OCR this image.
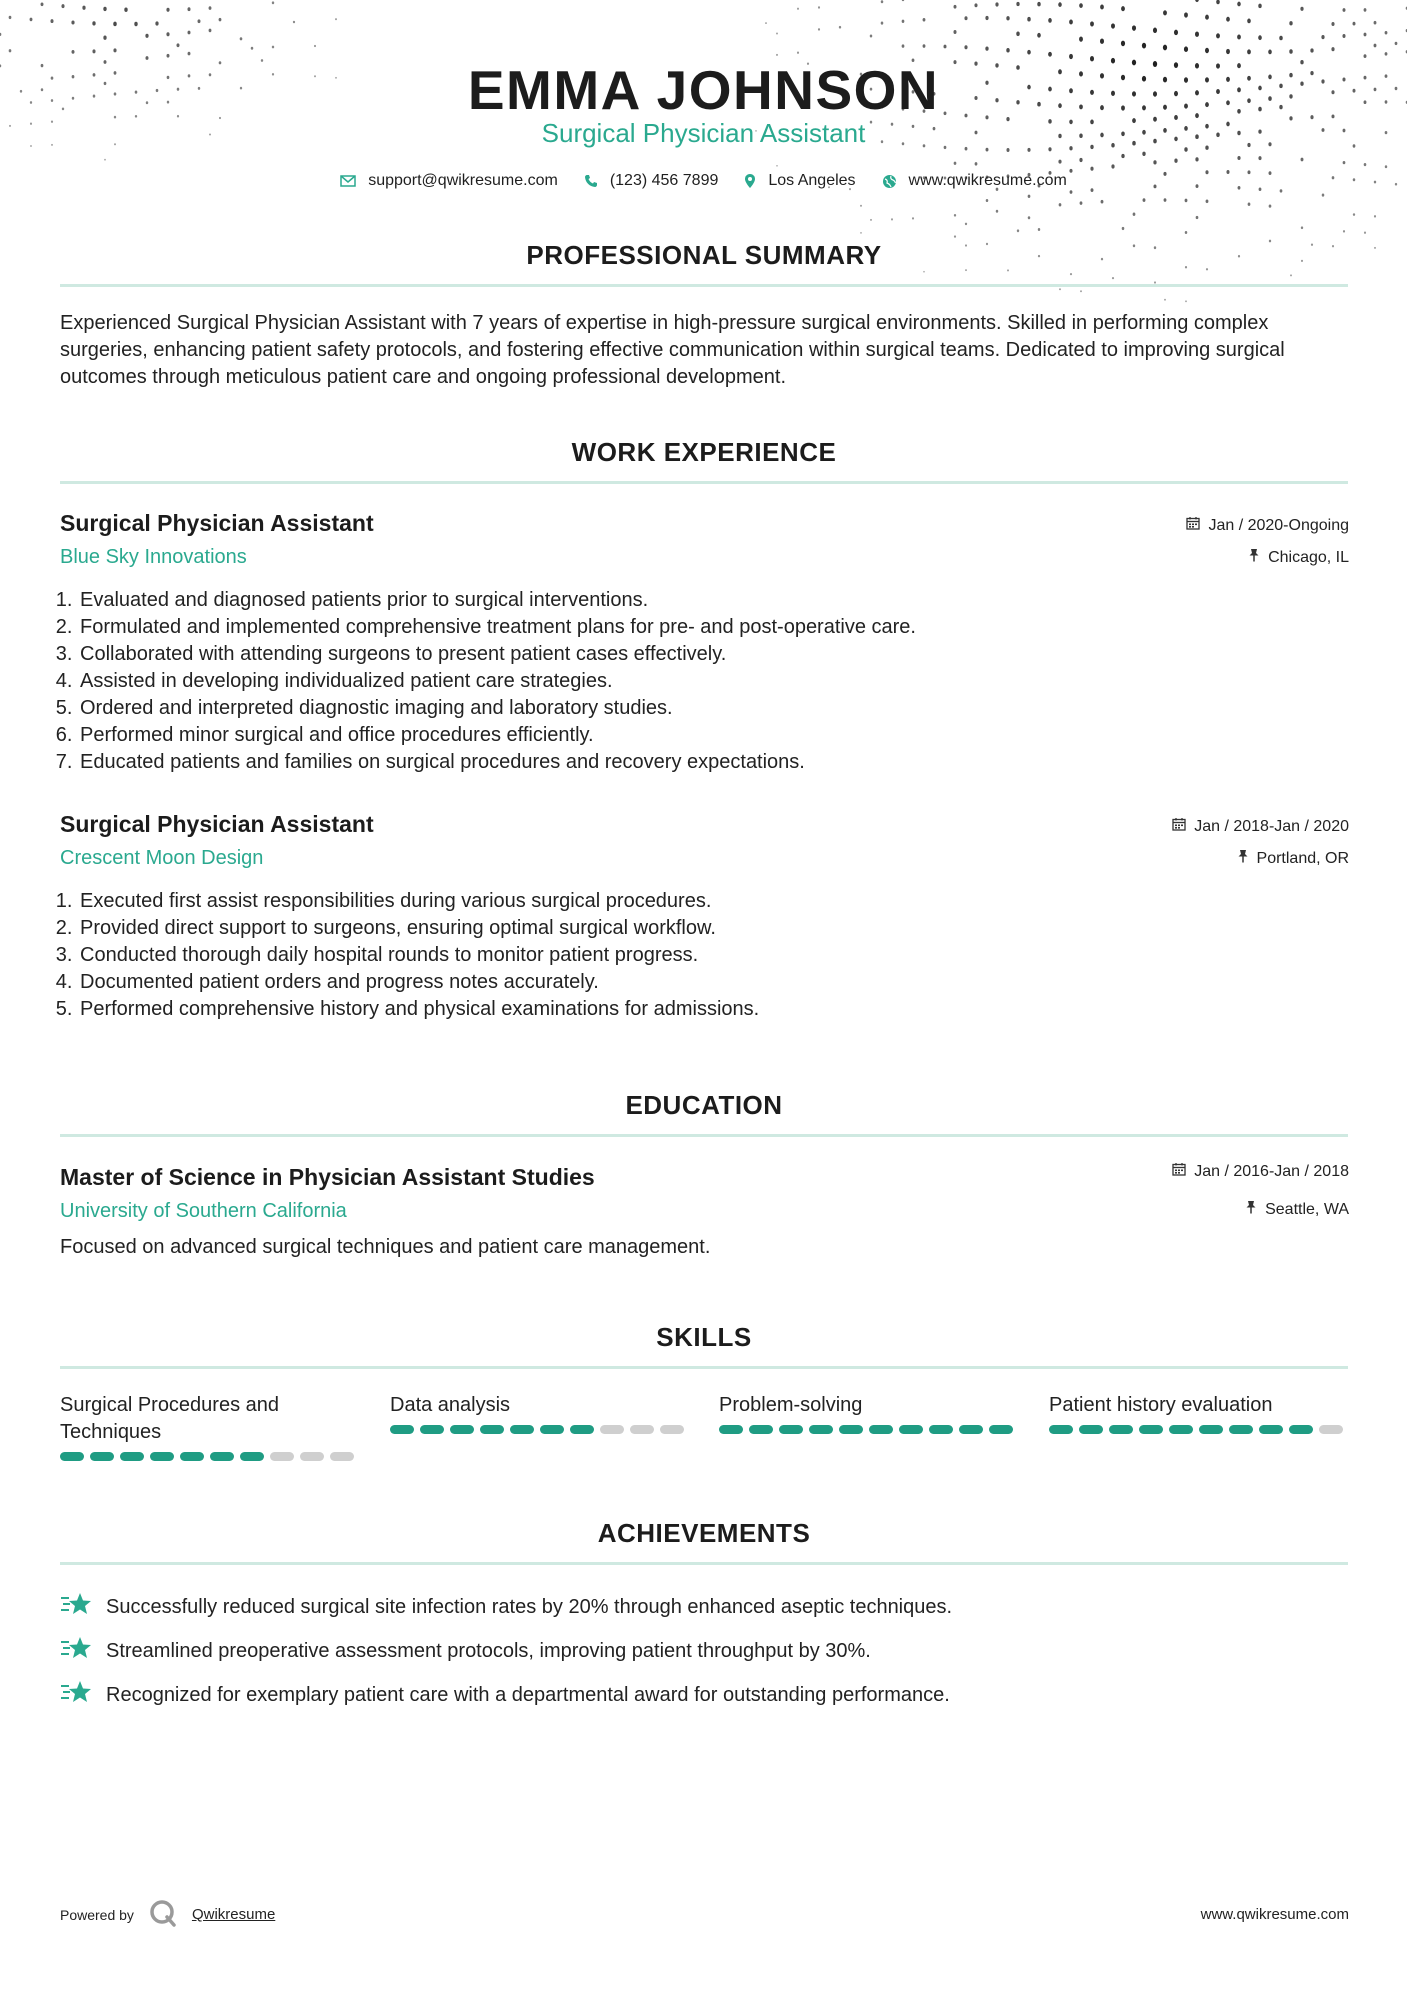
EMMA JOHNSON
Surgical Physician Assistant
support@qwikresume.com	(123) 456 7899	Los Angeles	www.qwikresume.com
PROFESSIONAL SUMMARY
Experienced Surgical Physician Assistant with 7 years of expertise in high-pressure surgical environments. Skilled in performing complex surgeries, enhancing patient safety protocols, and fostering effective communication within surgical teams. Dedicated to improving surgical outcomes through meticulous patient care and ongoing professional development.
WORK EXPERIENCE
Surgical Physician Assistant
Blue Sky Innovations
Jan / 2020-Ongoing
Chicago, IL
1. Evaluated and diagnosed patients prior to surgical interventions.
2. Formulated and implemented comprehensive treatment plans for pre- and post-operative care.
3. Collaborated with attending surgeons to present patient cases effectively.
4. Assisted in developing individualized patient care strategies.
5. Ordered and interpreted diagnostic imaging and laboratory studies.
6. Performed minor surgical and office procedures efficiently.
7. Educated patients and families on surgical procedures and recovery expectations.
Surgical Physician Assistant
Crescent Moon Design
Jan / 2018-Jan / 2020
Portland, OR
1. Executed first assist responsibilities during various surgical procedures.
2. Provided direct support to surgeons, ensuring optimal surgical workflow.
3. Conducted thorough daily hospital rounds to monitor patient progress.
4. Documented patient orders and progress notes accurately.
5. Performed comprehensive history and physical examinations for admissions.
EDUCATION
Master of Science in Physician Assistant Studies
University of Southern California
Jan / 2016-Jan / 2018
Seattle, WA
Focused on advanced surgical techniques and patient care management.
SKILLS
Surgical Procedures and Techniques
Data analysis	Problem-solving	Patient history evaluation
ACHIEVEMENTS
Successfully reduced surgical site infection rates by 20% through enhanced aseptic techniques.
Streamlined preoperative assessment protocols, improving patient throughput by 30%.
Recognized for exemplary patient care with a departmental award for outstanding performance.
Powered by	Qwikresume	www.qwikresume.com
